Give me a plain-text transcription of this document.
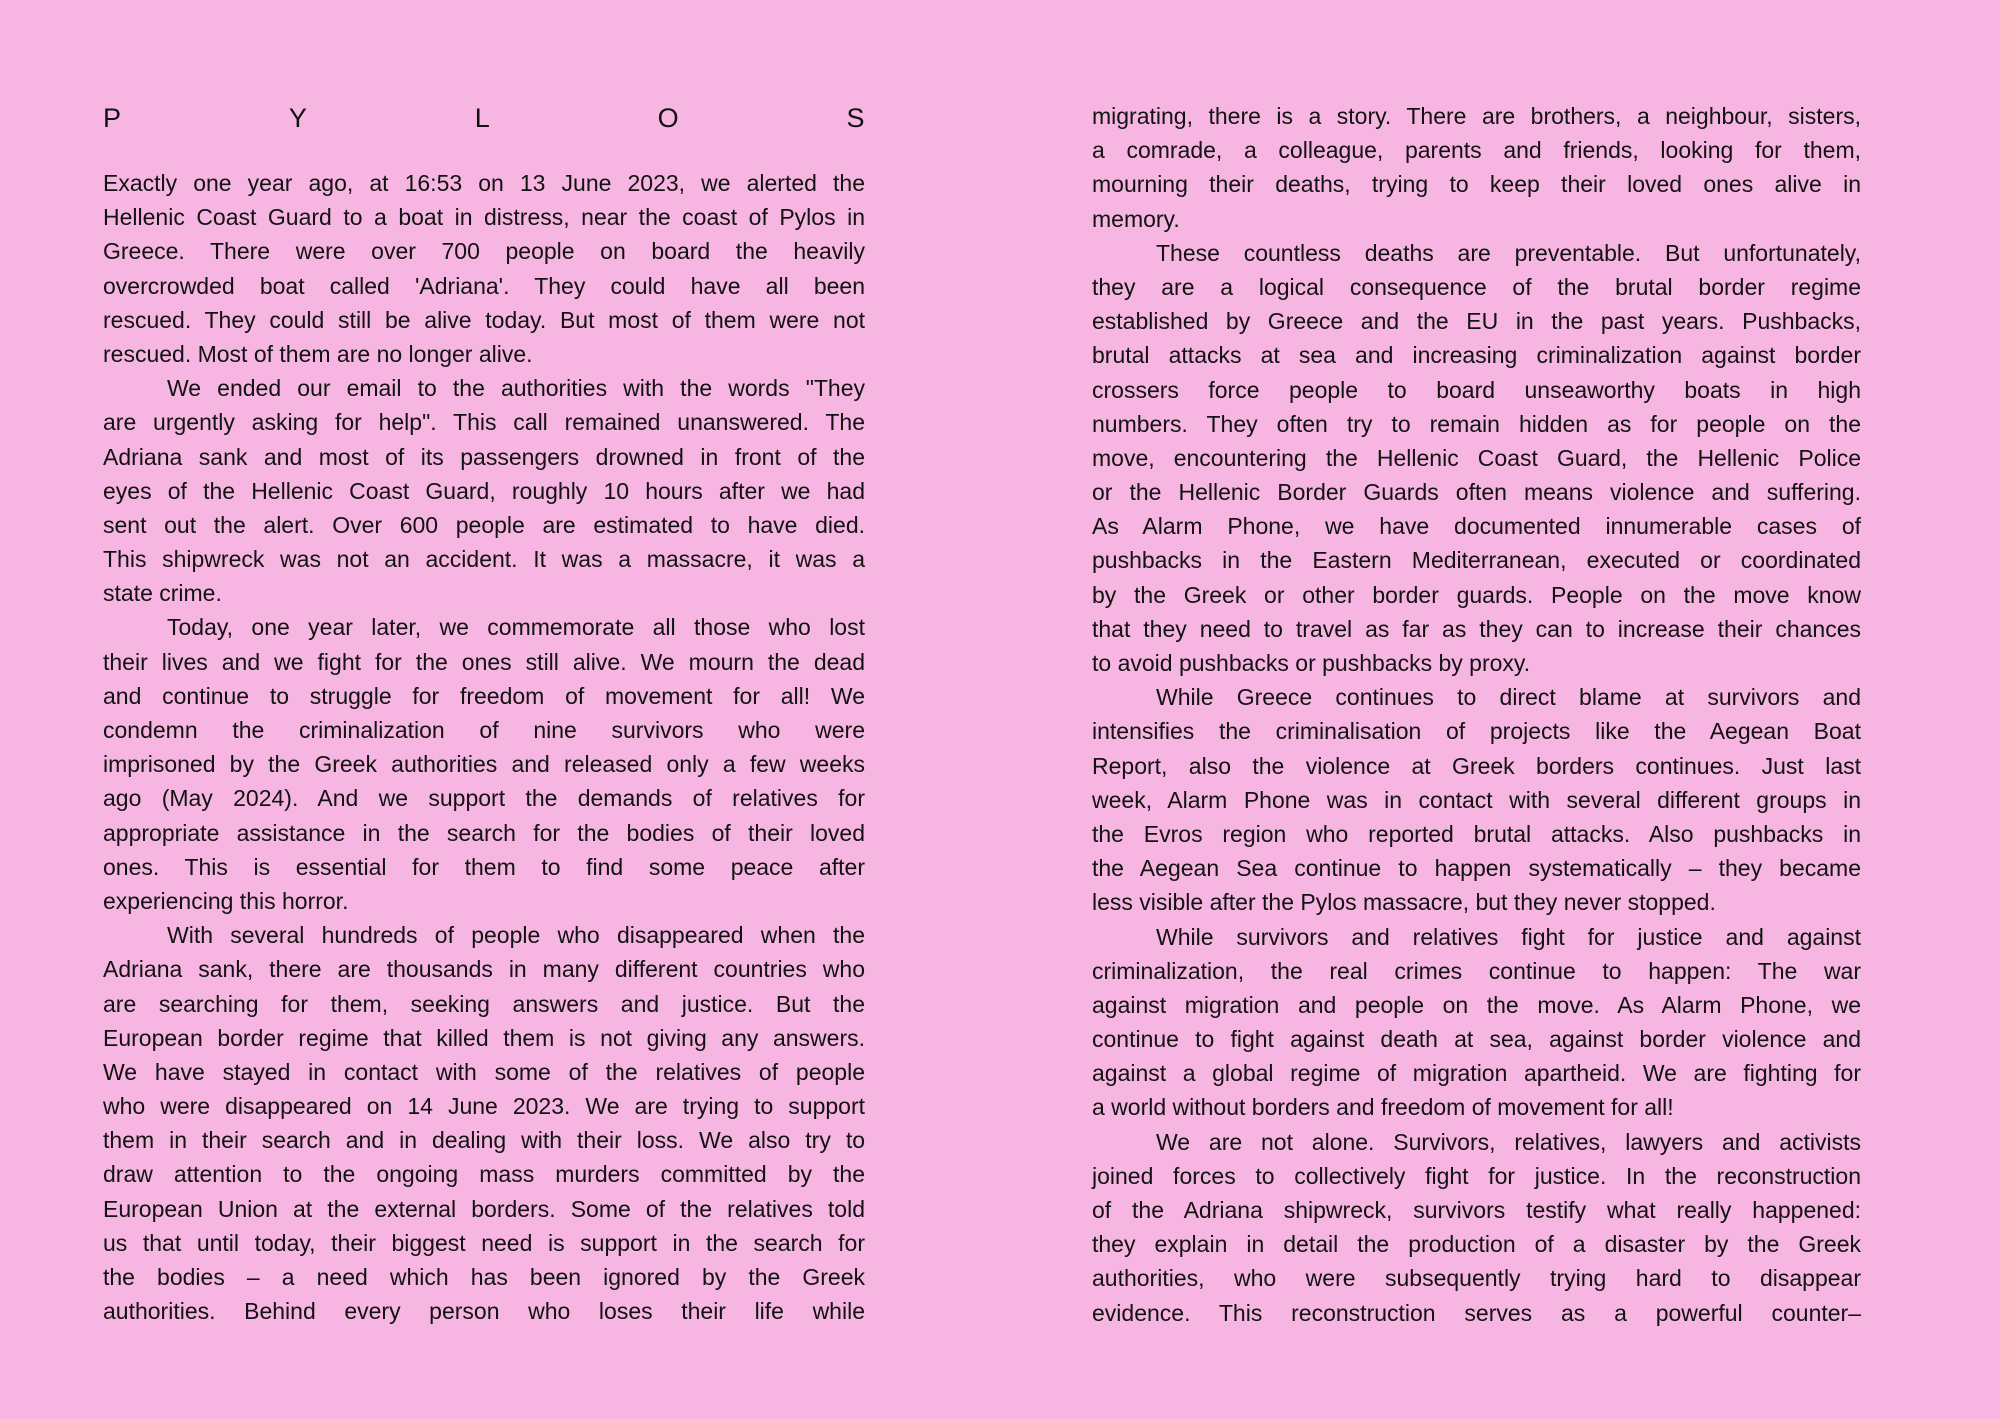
P	Y	L	O	S
Exactly one year ago, at 16:53 on 13 June 2023, we alerted the
Hellenic Coast Guard to a boat in distress, near the coast of Pylos in
Greece. There were over 700 people on board the heavily
overcrowded boat called 'Adriana'. They could have all been
rescued. They could still be alive today. But most of them were not
rescued. Most of them are no longer alive.
We ended our email to the authorities with the words "They
are urgently asking for help". This call remained unanswered. The
Adriana sank and most of its passengers drowned in front of the
eyes of the Hellenic Coast Guard, roughly 10 hours after we had
sent out the alert. Over 600 people are estimated to have died.
This shipwreck was not an accident. It was a massacre, it was a
state crime.
Today, one year later, we commemorate all those who lost
their lives and we fight for the ones still alive. We mourn the dead
and continue to struggle for freedom of movement for all! We
condemn the criminalization of nine survivors who were
imprisoned by the Greek authorities and released only a few weeks
ago (May 2024). And we support the demands of relatives for
appropriate assistance in the search for the bodies of their loved
ones. This is essential for them to find some peace after
experiencing this horror.
With several hundreds of people who disappeared when the
Adriana sank, there are thousands in many different countries who
are searching for them, seeking answers and justice. But the
European border regime that killed them is not giving any answers.
We have stayed in contact with some of the relatives of people
who were disappeared on 14 June 2023. We are trying to support
them in their search and in dealing with their loss. We also try to
draw attention to the ongoing mass murders committed by the
European Union at the external borders. Some of the relatives told
us that until today, their biggest need is support in the search for
the bodies – a need which has been ignored by the Greek
authorities. Behind every person who loses their life while
migrating, there is a story. There are brothers, a neighbour, sisters,
a comrade, a colleague, parents and friends, looking for them,
mourning their deaths, trying to keep their loved ones alive in
memory.
These countless deaths are preventable. But unfortunately,
they are a logical consequence of the brutal border regime
established by Greece and the EU in the past years. Pushbacks,
brutal attacks at sea and increasing criminalization against border
crossers force people to board unseaworthy boats in high
numbers. They often try to remain hidden as for people on the
move, encountering the Hellenic Coast Guard, the Hellenic Police
or the Hellenic Border Guards often means violence and suffering.
As Alarm Phone, we have documented innumerable cases of
pushbacks in the Eastern Mediterranean, executed or coordinated
by the Greek or other border guards. People on the move know
that they need to travel as far as they can to increase their chances
to avoid pushbacks or pushbacks by proxy.
While Greece continues to direct blame at survivors and
intensifies the criminalisation of projects like the Aegean Boat
Report, also the violence at Greek borders continues. Just last
week, Alarm Phone was in contact with several different groups in
the Evros region who reported brutal attacks. Also pushbacks in
the Aegean Sea continue to happen systematically – they became
less visible after the Pylos massacre, but they never stopped.
While survivors and relatives fight for justice and against
criminalization, the real crimes continue to happen: The war
against migration and people on the move. As Alarm Phone, we
continue to fight against death at sea, against border violence and
against a global regime of migration apartheid. We are fighting for
a world without borders and freedom of movement for all!
We are not alone. Survivors, relatives, lawyers and activists
joined forces to collectively fight for justice. In the reconstruction
of the Adriana shipwreck, survivors testify what really happened:
they explain in detail the production of a disaster by the Greek
authorities, who were subsequently trying hard to disappear
evidence. This reconstruction serves as a powerful counter–
